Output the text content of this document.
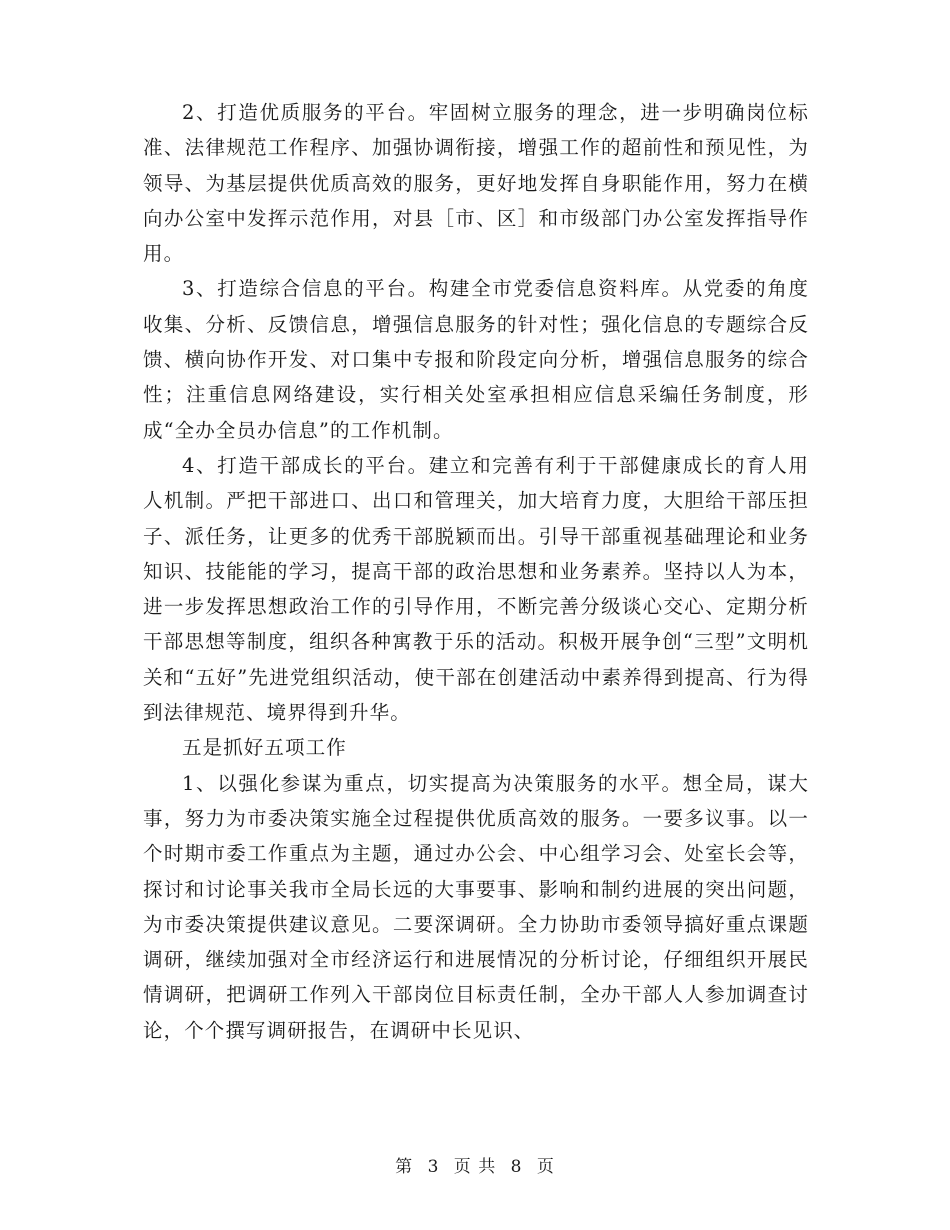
2、打造优质服务的平台。牢固树立服务的理念，进一步明确岗位标准、法律规范工作程序、加强协调衔接，增强工作的超前性和预见性，为领导、为基层提供优质高效的服务，更好地发挥自身职能作用，努力在横向办公室中发挥示范作用，对县［市、区］和市级部门办公室发挥指导作用。

3、打造综合信息的平台。构建全市党委信息资料库。从党委的角度收集、分析、反馈信息，增强信息服务的针对性；强化信息的专题综合反馈、横向协作开发、对口集中专报和阶段定向分析，增强信息服务的综合性；注重信息网络建设，实行相关处室承担相应信息采编任务制度，形成“全办全员办信息”的工作机制。

4、打造干部成长的平台。建立和完善有利于干部健康成长的育人用人机制。严把干部进口、出口和管理关，加大培育力度，大胆给干部压担子、派任务，让更多的优秀干部脱颖而出。引导干部重视基础理论和业务知识、技能能的学习，提高干部的政治思想和业务素养。坚持以人为本，进一步发挥思想政治工作的引导作用，不断完善分级谈心交心、定期分析干部思想等制度，组织各种寓教于乐的活动。积极开展争创“三型”文明机关和“五好”先进党组织活动，使干部在创建活动中素养得到提高、行为得到法律规范、境界得到升华。

五是抓好五项工作

1、以强化参谋为重点，切实提高为决策服务的水平。想全局，谋大事，努力为市委决策实施全过程提供优质高效的服务。一要多议事。以一个时期市委工作重点为主题，通过办公会、中心组学习会、处室长会等，探讨和讨论事关我市全局长远的大事要事、影响和制约进展的突出问题，为市委决策提供建议意见。二要深调研。全力协助市委领导搞好重点课题调研，继续加强对全市经济运行和进展情况的分析讨论，仔细组织开展民情调研，把调研工作列入干部岗位目标责任制，全办干部人人参加调查讨论，个个撰写调研报告，在调研中长见识、

第 3 页 共 8 页
